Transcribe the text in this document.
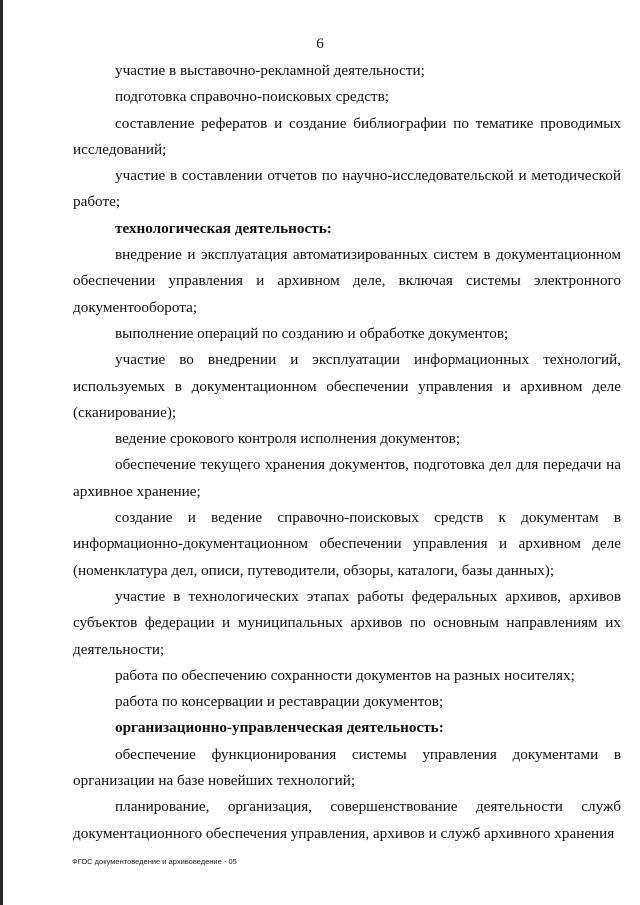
6

участие в выставочно-рекламной деятельности;

подготовка справочно-поисковых средств;

составление рефератов и создание библиографии по тематике проводимых исследований;

участие в составлении отчетов по научно-исследовательской и методической работе;

технологическая деятельность:

внедрение и эксплуатация автоматизированных систем в документационном обеспечении управления и архивном деле, включая системы электронного документооборота;

выполнение операций по созданию и обработке документов;

участие во внедрении и эксплуатации информационных технологий, используемых в документационном обеспечении управления и архивном деле (сканирование);

ведение срокового контроля исполнения документов;

обеспечение текущего хранения документов, подготовка дел для передачи на архивное хранение;

создание и ведение справочно-поисковых средств к документам в информационно-документационном обеспечении управления и архивном деле (номенклатура дел, описи, путеводители, обзоры, каталоги, базы данных);

участие в технологических этапах работы федеральных архивов, архивов субъектов федерации и муниципальных архивов по основным направлениям их деятельности;

работа по обеспечению сохранности документов на разных носителях;

работа по консервации и реставрации документов;

организационно-управленческая деятельность:

обеспечение функционирования системы управления документами в организации на базе новейших технологий;

планирование, организация, совершенствование деятельности служб документационного обеспечения управления, архивов и служб архивного хранения

ФГОС документоведение и архивоведение - 05
